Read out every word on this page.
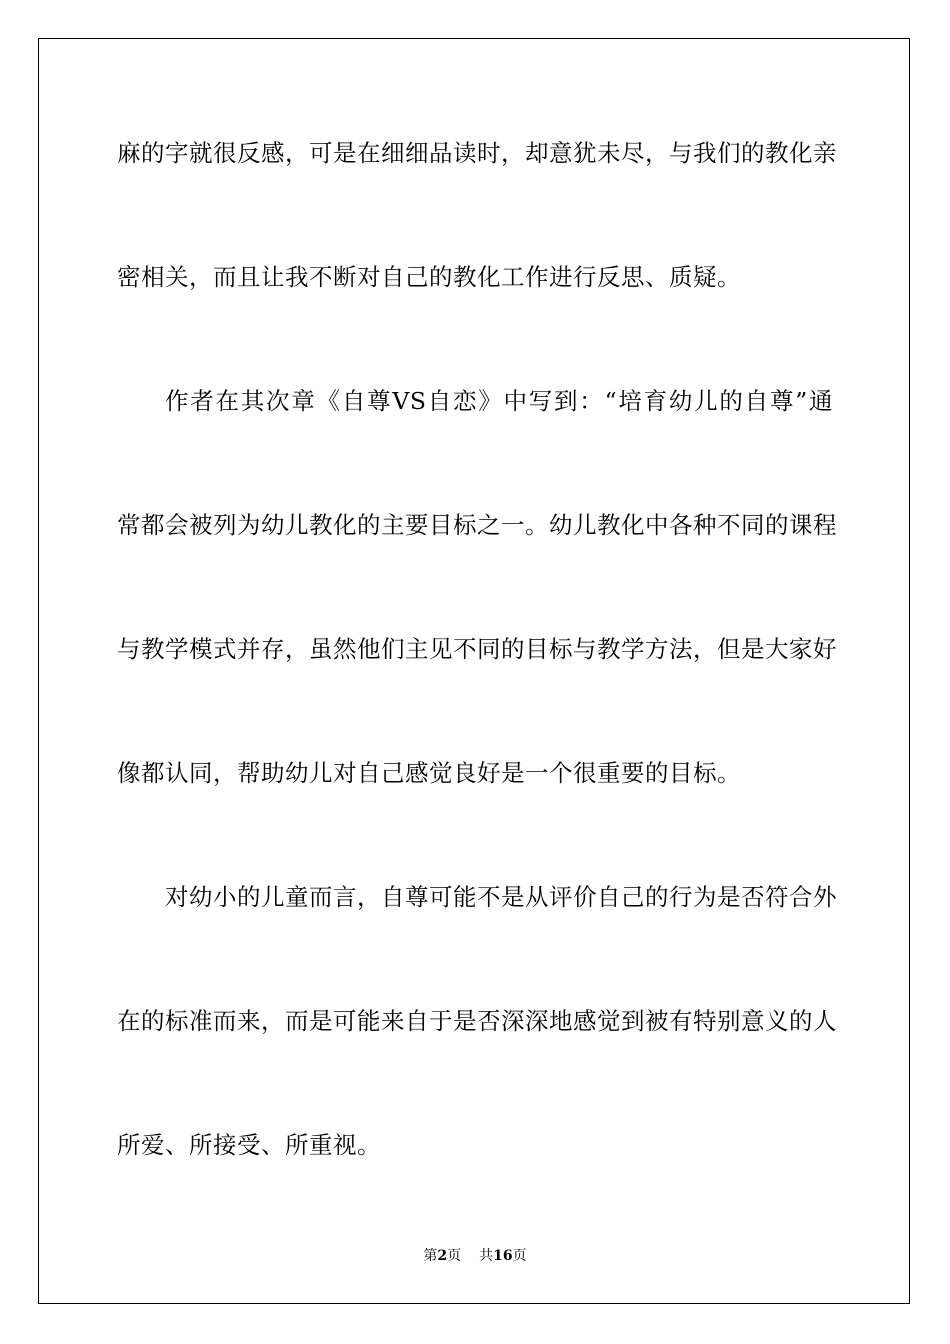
麻的字就很反感，可是在细细品读时，却意犹未尽，与我们的教化亲
密相关，而且让我不断对自己的教化工作进行反思、质疑。
作者在其次章《自尊VS自恋》中写到：“培育幼儿的自尊”通
常都会被列为幼儿教化的主要目标之一。幼儿教化中各种不同的课程
与教学模式并存，虽然他们主见不同的目标与教学方法，但是大家好
像都认同，帮助幼儿对自己感觉良好是一个很重要的目标。
对幼小的儿童而言，自尊可能不是从评价自己的行为是否符合外
在的标准而来，而是可能来自于是否深深地感觉到被有特别意义的人
所爱、所接受、所重视。
第2页 共16页
